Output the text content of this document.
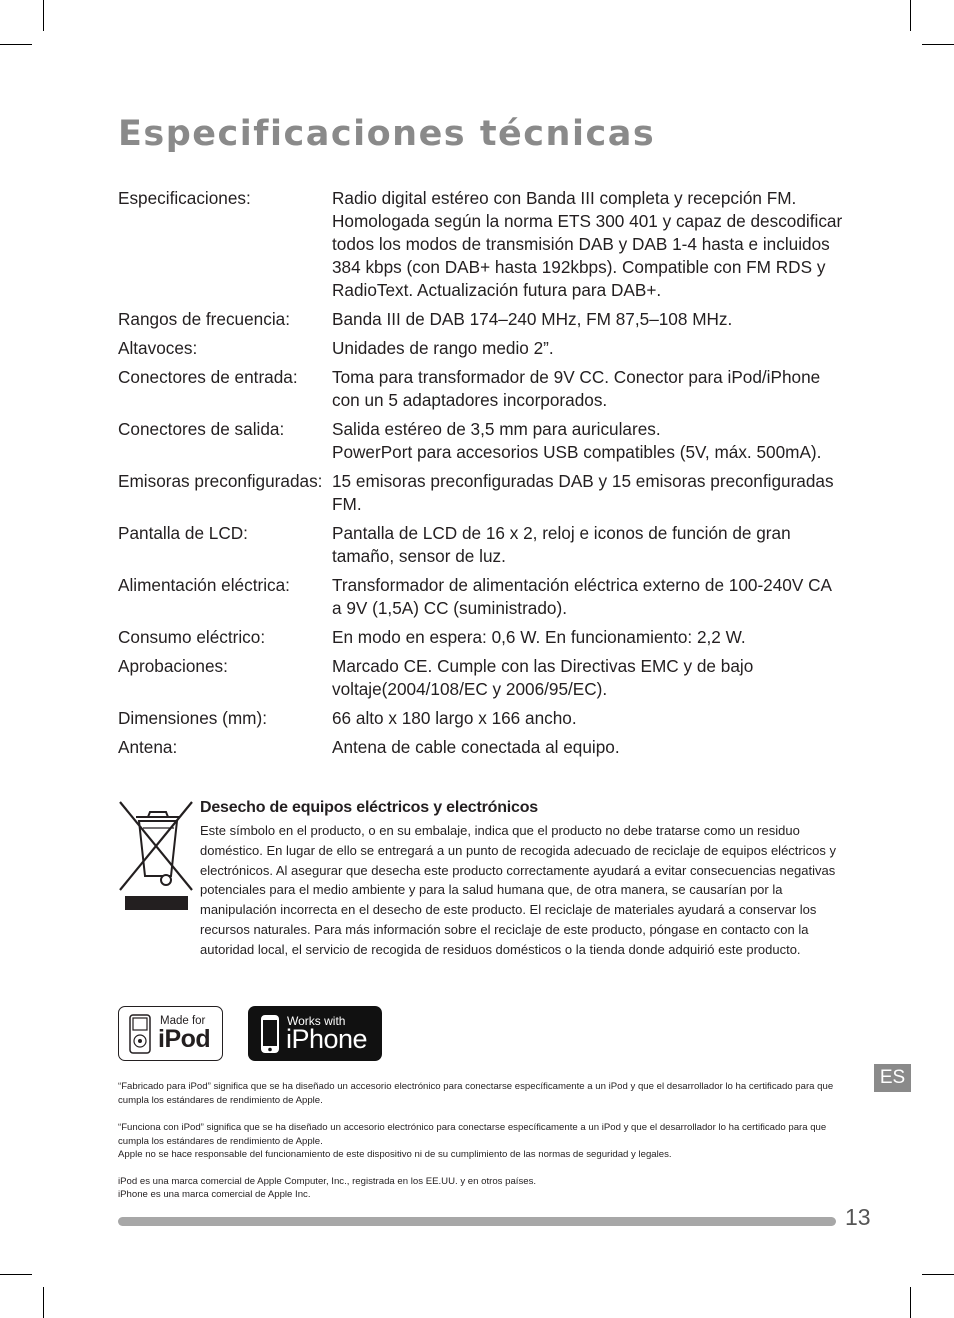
Especificaciones técnicas
Especificaciones:	Radio digital estéreo con Banda III completa y recepción FM. Homologada según la norma ETS 300 401 y capaz de descodificar todos los modos de transmisión DAB y DAB 1-4 hasta e incluidos 384 kbps (con DAB+ hasta 192kbps). Compatible con FM RDS y RadioText. Actualización futura para DAB+.
Rangos de frecuencia:	Banda III de DAB 174–240 MHz, FM 87,5–108 MHz.
Altavoces:	Unidades de rango medio 2”.
Conectores de entrada:	Toma para transformador de 9V CC. Conector para iPod/iPhone con un 5 adaptadores incorporados.
Conectores de salida:	Salida estéreo de 3,5 mm para auriculares.
PowerPort para accesorios USB compatibles (5V, máx. 500mA).
Emisoras preconfiguradas: 15 emisoras preconfiguradas DAB y 15 emisoras preconfiguradas FM.
Pantalla de LCD:	Pantalla de LCD de 16 x 2, reloj e iconos de función de gran tamaño, sensor de luz.
Alimentación eléctrica:	Transformador de alimentación eléctrica externo de 100-240V CA a 9V (1,5A) CC (suministrado).
Consumo eléctrico:	En modo en espera: 0,6 W. En funcionamiento: 2,2 W.
Aprobaciones:	Marcado CE. Cumple con las Directivas EMC y de bajo voltaje(2004/108/EC y 2006/95/EC).
Dimensiones (mm):	66 alto x 180 largo x 166 ancho.
Antena:	Antena de cable conectada al equipo.
Desecho de equipos eléctricos y electrónicos

Este símbolo en el producto, o en su embalaje, indica que el producto no debe tratarse como un residuo doméstico. En lugar de ello se entregará a un punto de recogida adecuado de reciclaje de equipos eléctricos y electrónicos. Al asegurar que desecha este producto correctamente ayudará a evitar consecuencias negativas potenciales para el medio ambiente y para la salud humana que, de otra manera, se causarían por la manipulación incorrecta en el desecho de este producto. El reciclaje de materiales ayudará a conservar los recursos naturales. Para más información sobre el reciclaje de este producto, póngase en contacto con la autoridad local, el servicio de recogida de residuos domésticos o la tienda donde adquirió este producto.

Made for
iPod
Works with
iPhone
ES

“Fabricado para iPod” significa que se ha diseñado un accesorio electrónico para conectarse específicamente a un iPod y que el desarrollador lo ha certificado para que cumpla los estándares de rendimiento de Apple.

“Funciona con iPod” significa que se ha diseñado un accesorio electrónico para conectarse específicamente a un iPod y que el desarrollador lo ha certificado para que cumpla los estándares de rendimiento de Apple.

Apple no se hace responsable del funcionamiento de este dispositivo ni de su cumplimiento de las normas de seguridad y legales.

iPod es una marca comercial de Apple Computer, Inc., registrada en los EE.UU. y en otros países.

iPhone es una marca comercial de Apple Inc.

13
